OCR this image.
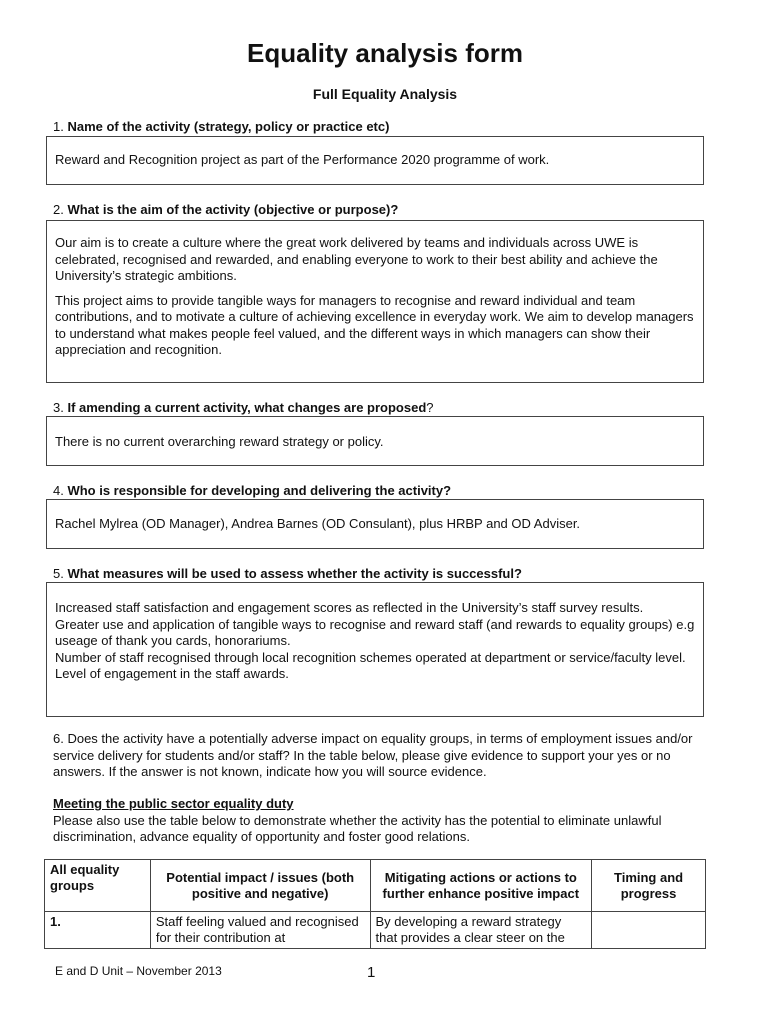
Equality analysis form
Full Equality Analysis
1. Name of the activity (strategy, policy or practice etc)

Reward and Recognition project as part of the Performance 2020 programme of work.

2. What is the aim of the activity (objective or purpose)?

Our aim is to create a culture where the great work delivered by teams and individuals across UWE is celebrated, recognised and rewarded, and enabling everyone to work to their best ability and achieve the University’s strategic ambitions.

This project aims to provide tangible ways for managers to recognise and reward individual and team contributions, and to motivate a culture of achieving excellence in everyday work. We aim to develop managers to understand what makes people feel valued, and the different ways in which managers can show their appreciation and recognition.

3. If amending a current activity, what changes are proposed?

There is no current overarching reward strategy or policy.

4. Who is responsible for developing and delivering the activity?

Rachel Mylrea (OD Manager), Andrea Barnes (OD Consulant), plus HRBP and OD Adviser.

5. What measures will be used to assess whether the activity is successful?

Increased staff satisfaction and engagement scores as reflected in the University’s staff survey results.

Greater use and application of tangible ways to recognise and reward staff (and rewards to equality groups) e.g useage of thank you cards, honorariums.

Number of staff recognised through local recognition schemes operated at department or service/faculty level.

Level of engagement in the staff awards.

6. Does the activity have a potentially adverse impact on equality groups, in terms of employment issues and/or service delivery for students and/or staff? In the table below, please give evidence to support your yes or no answers. If the answer is not known, indicate how you will source evidence.

Meeting the public sector equality duty

Please also use the table below to demonstrate whether the activity has the potential to eliminate unlawful discrimination, advance equality of opportunity and foster good relations.

All equality groups	Potential impact / issues (both positive and negative)	Mitigating actions or actions to further enhance positive impact	Timing and progress
1.	Staff feeling valued and recognised for their contribution at	By developing a reward strategy that provides a clear steer on the	
E and D Unit – November 2013	1
